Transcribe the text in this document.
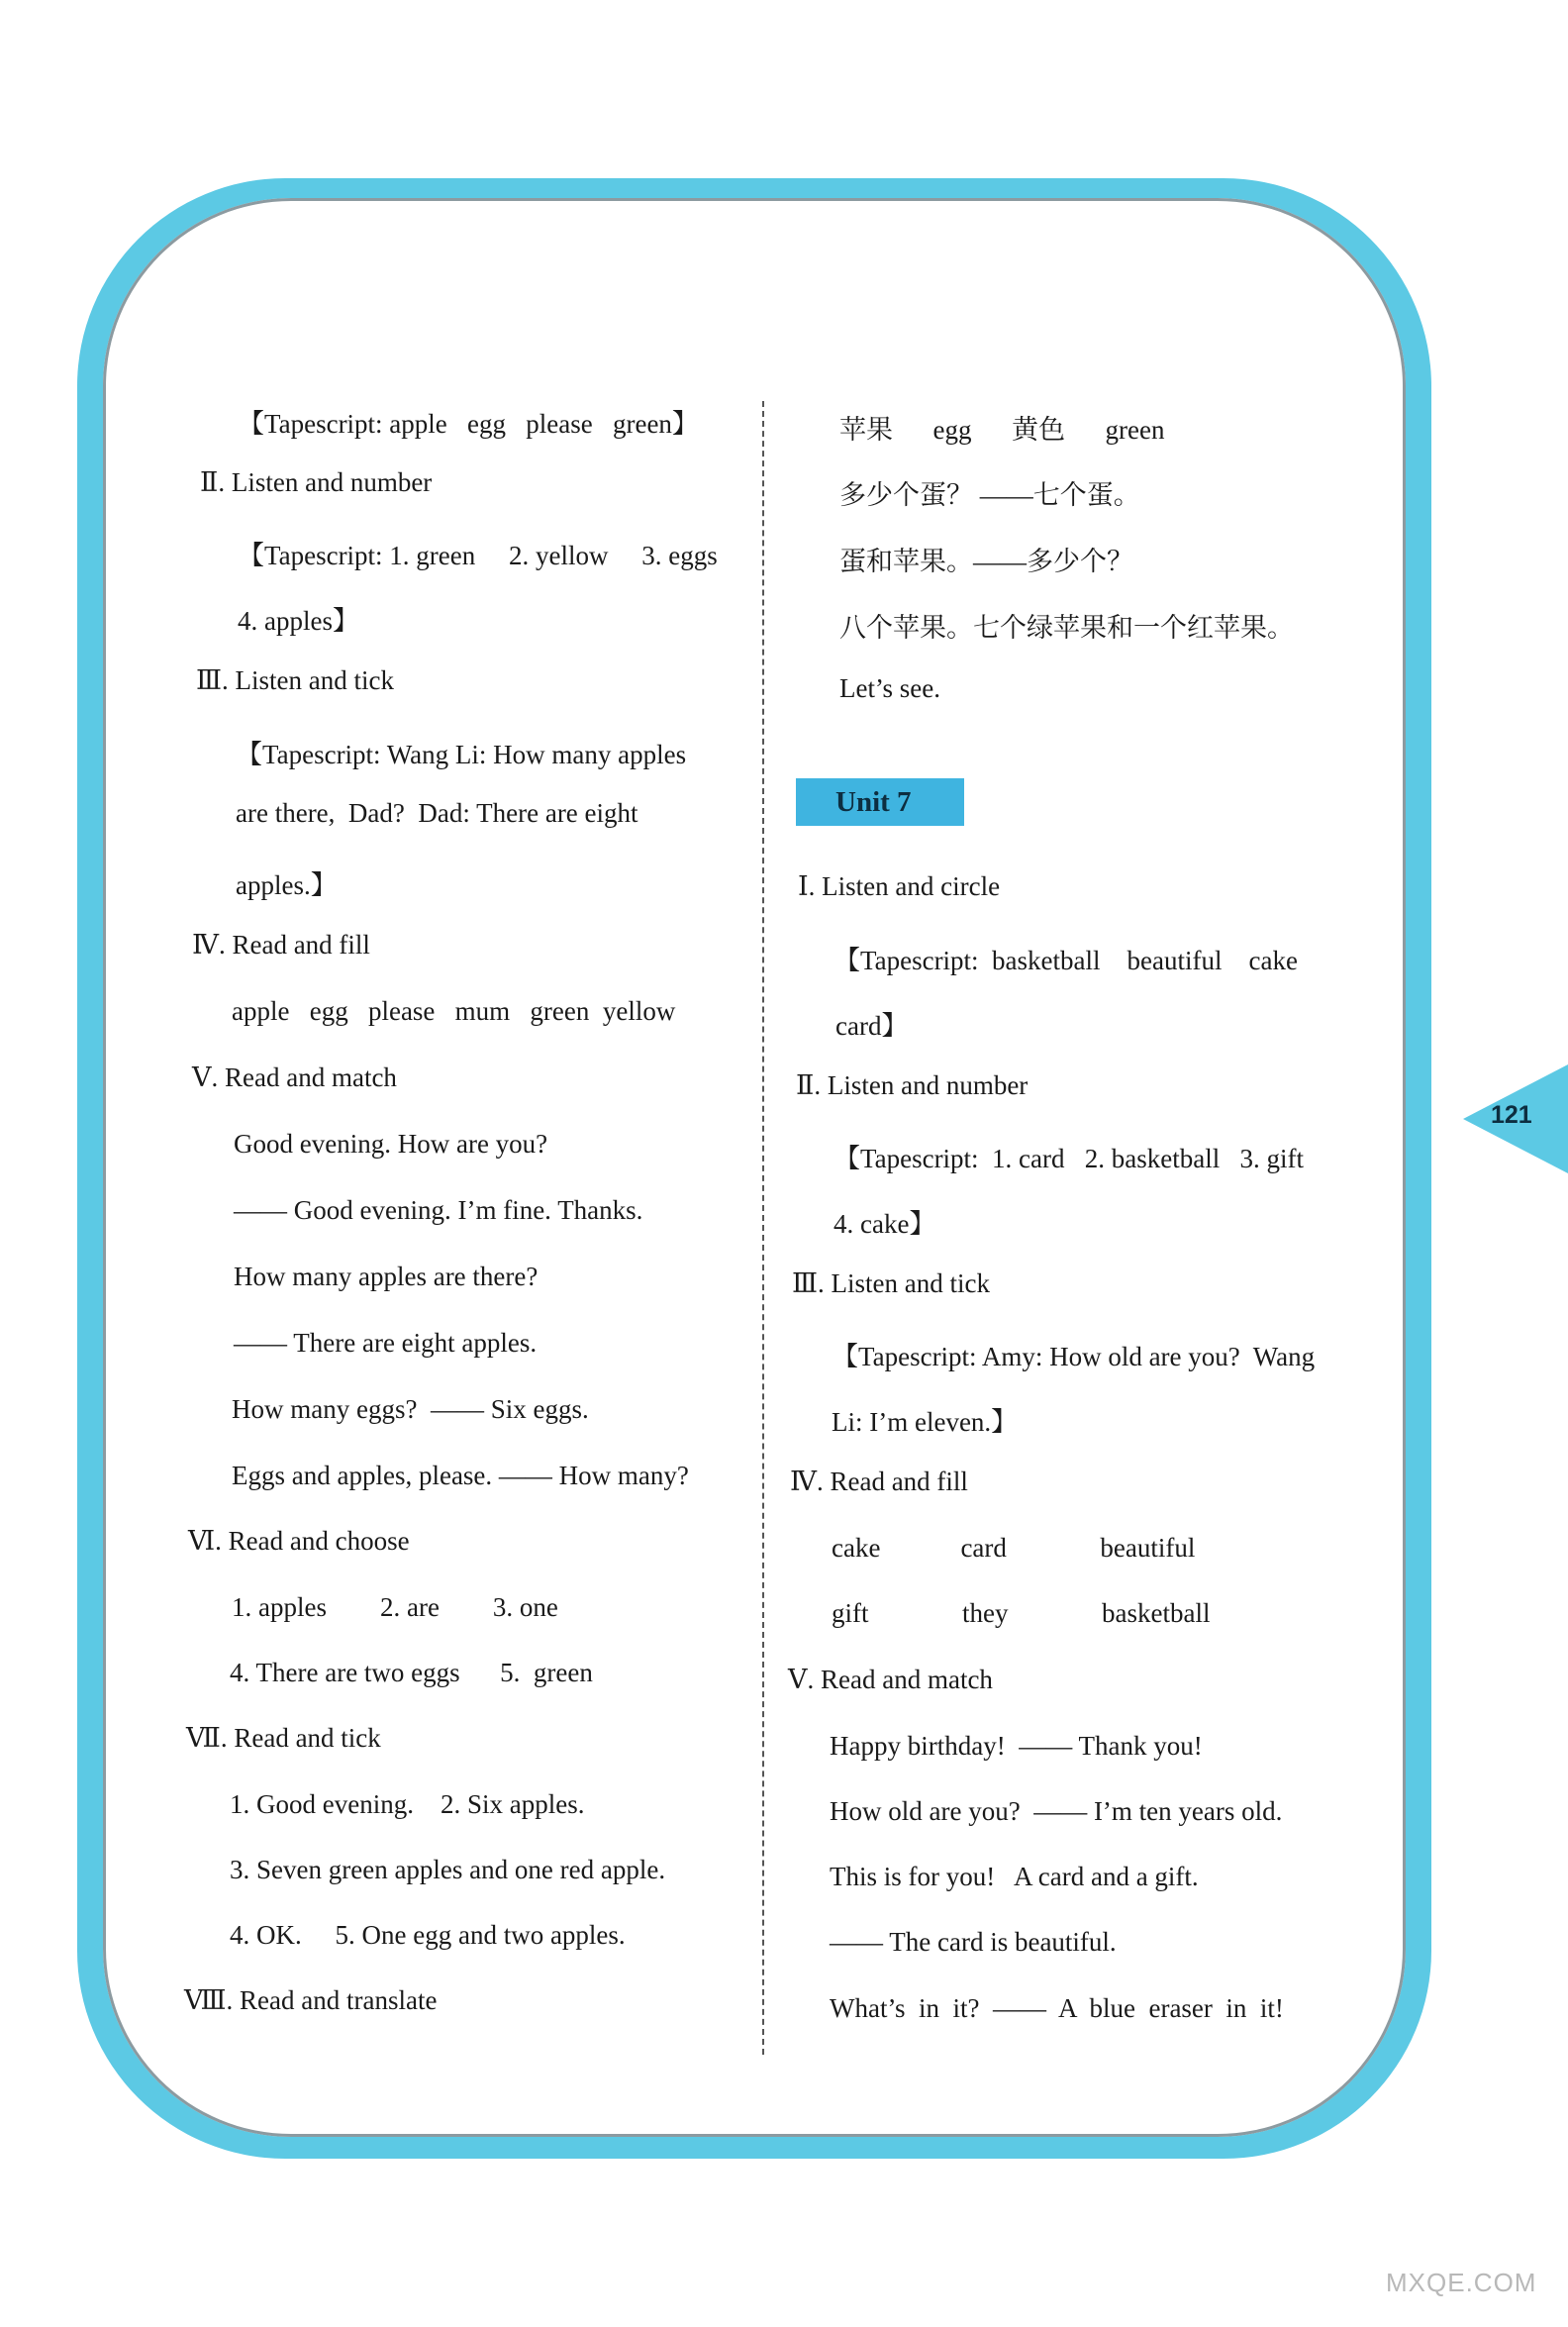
121
【Tapescript: apple   egg   please   green】
Ⅱ. Listen and number
【Tapescript: 1. green     2. yellow     3. eggs
4. apples】
Ⅲ. Listen and tick
【Tapescript: Wang Li: How many apples
are there,  Dad?  Dad: There are eight
apples.】
Ⅳ. Read and fill
apple   egg   please   mum   green  yellow
Ⅴ. Read and match
Good evening. How are you?
—— Good evening. I’m fine. Thanks.
How many apples are there?
—— There are eight apples.
How many eggs?  —— Six eggs.
Eggs and apples, please. —— How many?
Ⅵ. Read and choose
1. apples        2. are        3. one
4. There are two eggs      5.  green
Ⅶ. Read and tick
1. Good evening.    2. Six apples.
3. Seven green apples and one red apple.
4. OK.     5. One egg and two apples.
Ⅷ. Read and translate
苹果      egg      黄色      green
多少个蛋？ ——七个蛋。
蛋和苹果。——多少个？
八个苹果。七个绿苹果和一个红苹果。
Let’s see.
Unit 7
Ⅰ. Listen and circle
【Tapescript:  basketball    beautiful    cake
card】
Ⅱ. Listen and number
【Tapescript:  1. card   2. basketball   3. gift
4. cake】
Ⅲ. Listen and tick
【Tapescript: Amy: How old are you?  Wang
Li: I’m eleven.】
Ⅳ. Read and fill
cake            card              beautiful
gift              they              basketball
Ⅴ. Read and match
Happy birthday!  —— Thank you!
How old are you?  —— I’m ten years old.
This is for you!   A card and a gift.
—— The card is beautiful.
What’s  in  it?  ——  A  blue  eraser  in  it!
MXQE.COM
